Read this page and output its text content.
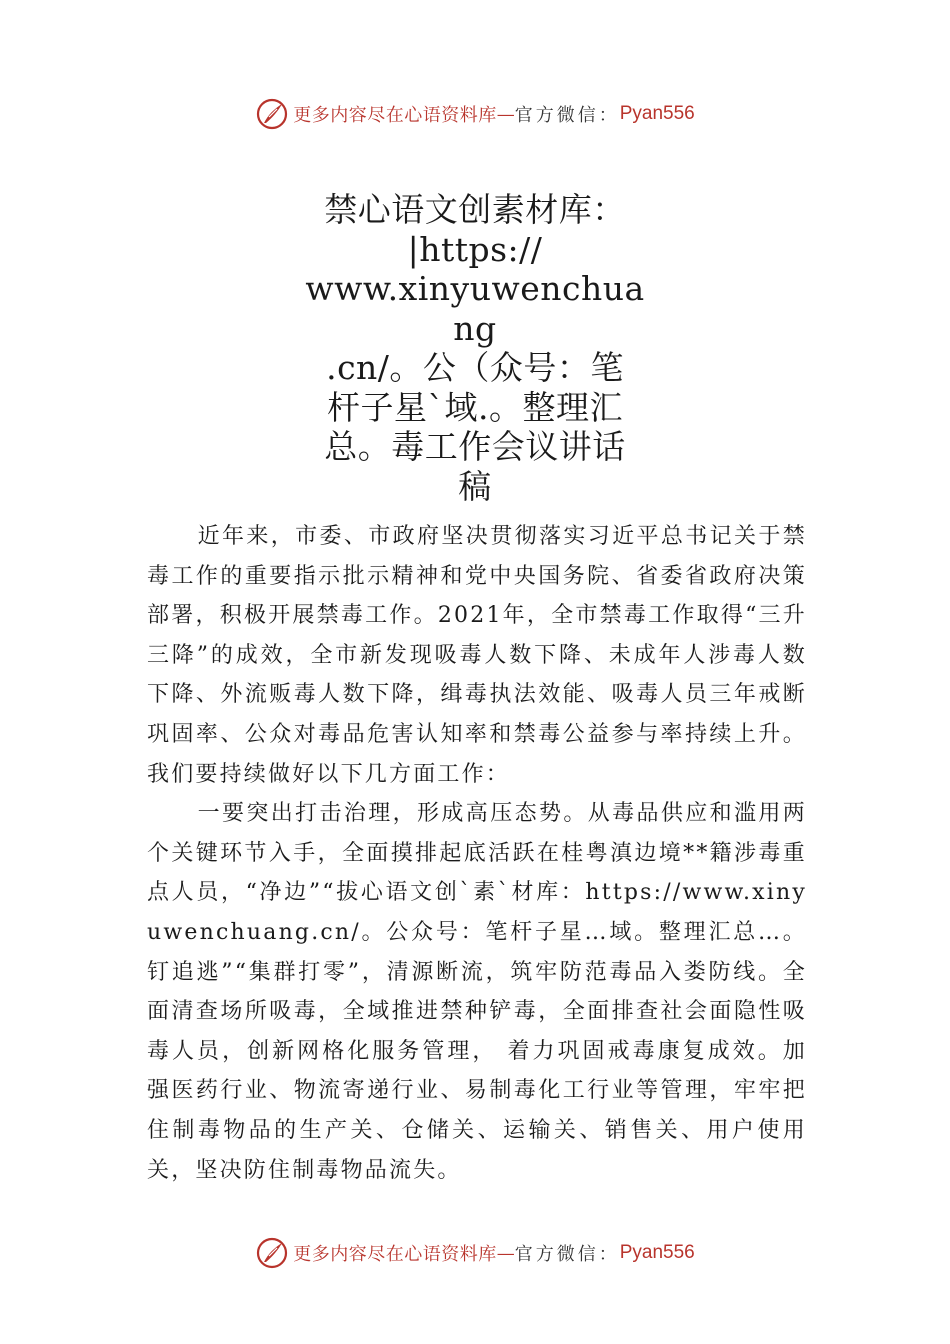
更多内容尽在心语资料库 — 官方微信： Pyan556
禁心语文创素材库：
|https://
www.xinyuwenchuang
.cn/。公（众号：笔
杆子星`域.。整理汇
总。毒工作会议讲话
稿

近年来，市委、市政府坚决贯彻落实习近平总书记关于禁毒工作的重要指示批示精神和党中央国务院、省委省政府决策部署，积极开展禁毒工作。2021年，全市禁毒工作取得“三升三降”的成效，全市新发现吸毒人数下降、未成年人涉毒人数下降、外流贩毒人数下降，缉毒执法效能、吸毒人员三年戒断巩固率、公众对毒品危害认知率和禁毒公益参与率持续上升。我们要持续做好以下几方面工作：

一要突出打击治理，形成高压态势。从毒品供应和滥用两个关键环节入手，全面摸排起底活跃在桂粤滇边境**籍涉毒重点人员，“净边”“拔心语文创`素`材库：https://www.xinyuwenchuang.cn/。公众号：笔杆子星…域。整理汇总…。钉追逃”“集群打零”，清源断流，筑牢防范毒品入娄防线。全面清查场所吸毒，全域推进禁种铲毒，全面排查社会面隐性吸毒人员，创新网格化服务管理， 着力巩固戒毒康复成效。加强医药行业、物流寄递行业、易制毒化工行业等管理，牢牢把住制毒物品的生产关、仓储关、运输关、销售关、用户使用关，坚决防住制毒物品流失。

更多内容尽在心语资料库 — 官方微信： Pyan556
